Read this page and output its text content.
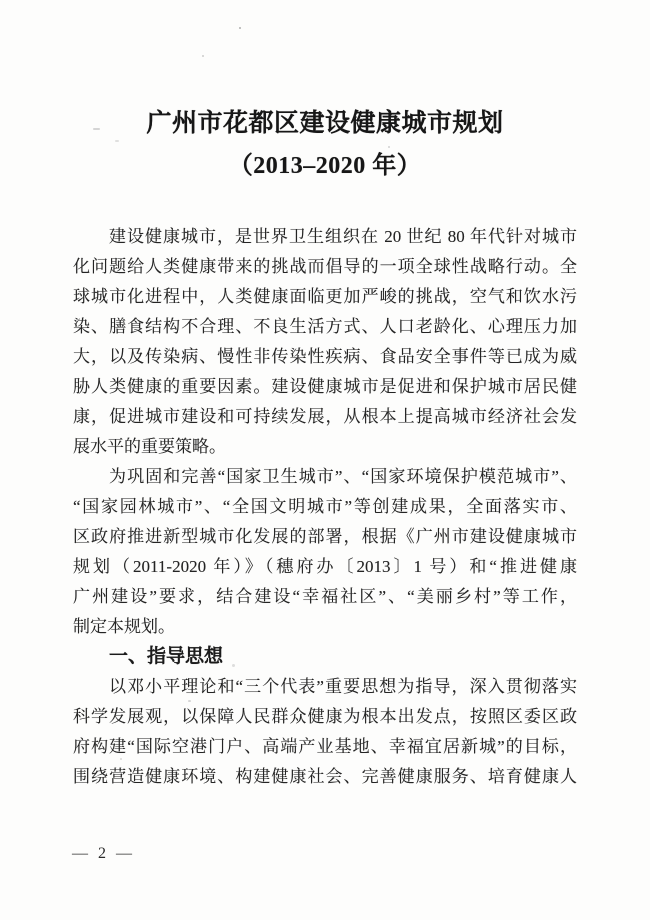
广州市花都区建设健康城市规划
（2013–2020 年）
建设健康城市，是世界卫生组织在 20 世纪 80 年代针对城市
化问题给人类健康带来的挑战而倡导的一项全球性战略行动。全
球城市化进程中，人类健康面临更加严峻的挑战，空气和饮水污
染、膳食结构不合理、不良生活方式、人口老龄化、心理压力加
大，以及传染病、慢性非传染性疾病、食品安全事件等已成为威
胁人类健康的重要因素。建设健康城市是促进和保护城市居民健
康，促进城市建设和可持续发展，从根本上提高城市经济社会发
展水平的重要策略。
为巩固和完善“国家卫生城市”、“国家环境保护模范城市”、
“国家园林城市”、“全国文明城市”等创建成果，全面落实市、
区政府推进新型城市化发展的部署，根据《广州市建设健康城市
规划（2011-2020 年）》（穗府办〔2013〕1 号）和“推进健康
广州建设”要求，结合建设“幸福社区”、“美丽乡村”等工作，
制定本规划。
一、指导思想
以邓小平理论和“三个代表”重要思想为指导，深入贯彻落实
科学发展观，以保障人民群众健康为根本出发点，按照区委区政
府构建“国际空港门户、高端产业基地、幸福宜居新城”的目标，
围绕营造健康环境、构建健康社会、完善健康服务、培育健康人
— 2 —
